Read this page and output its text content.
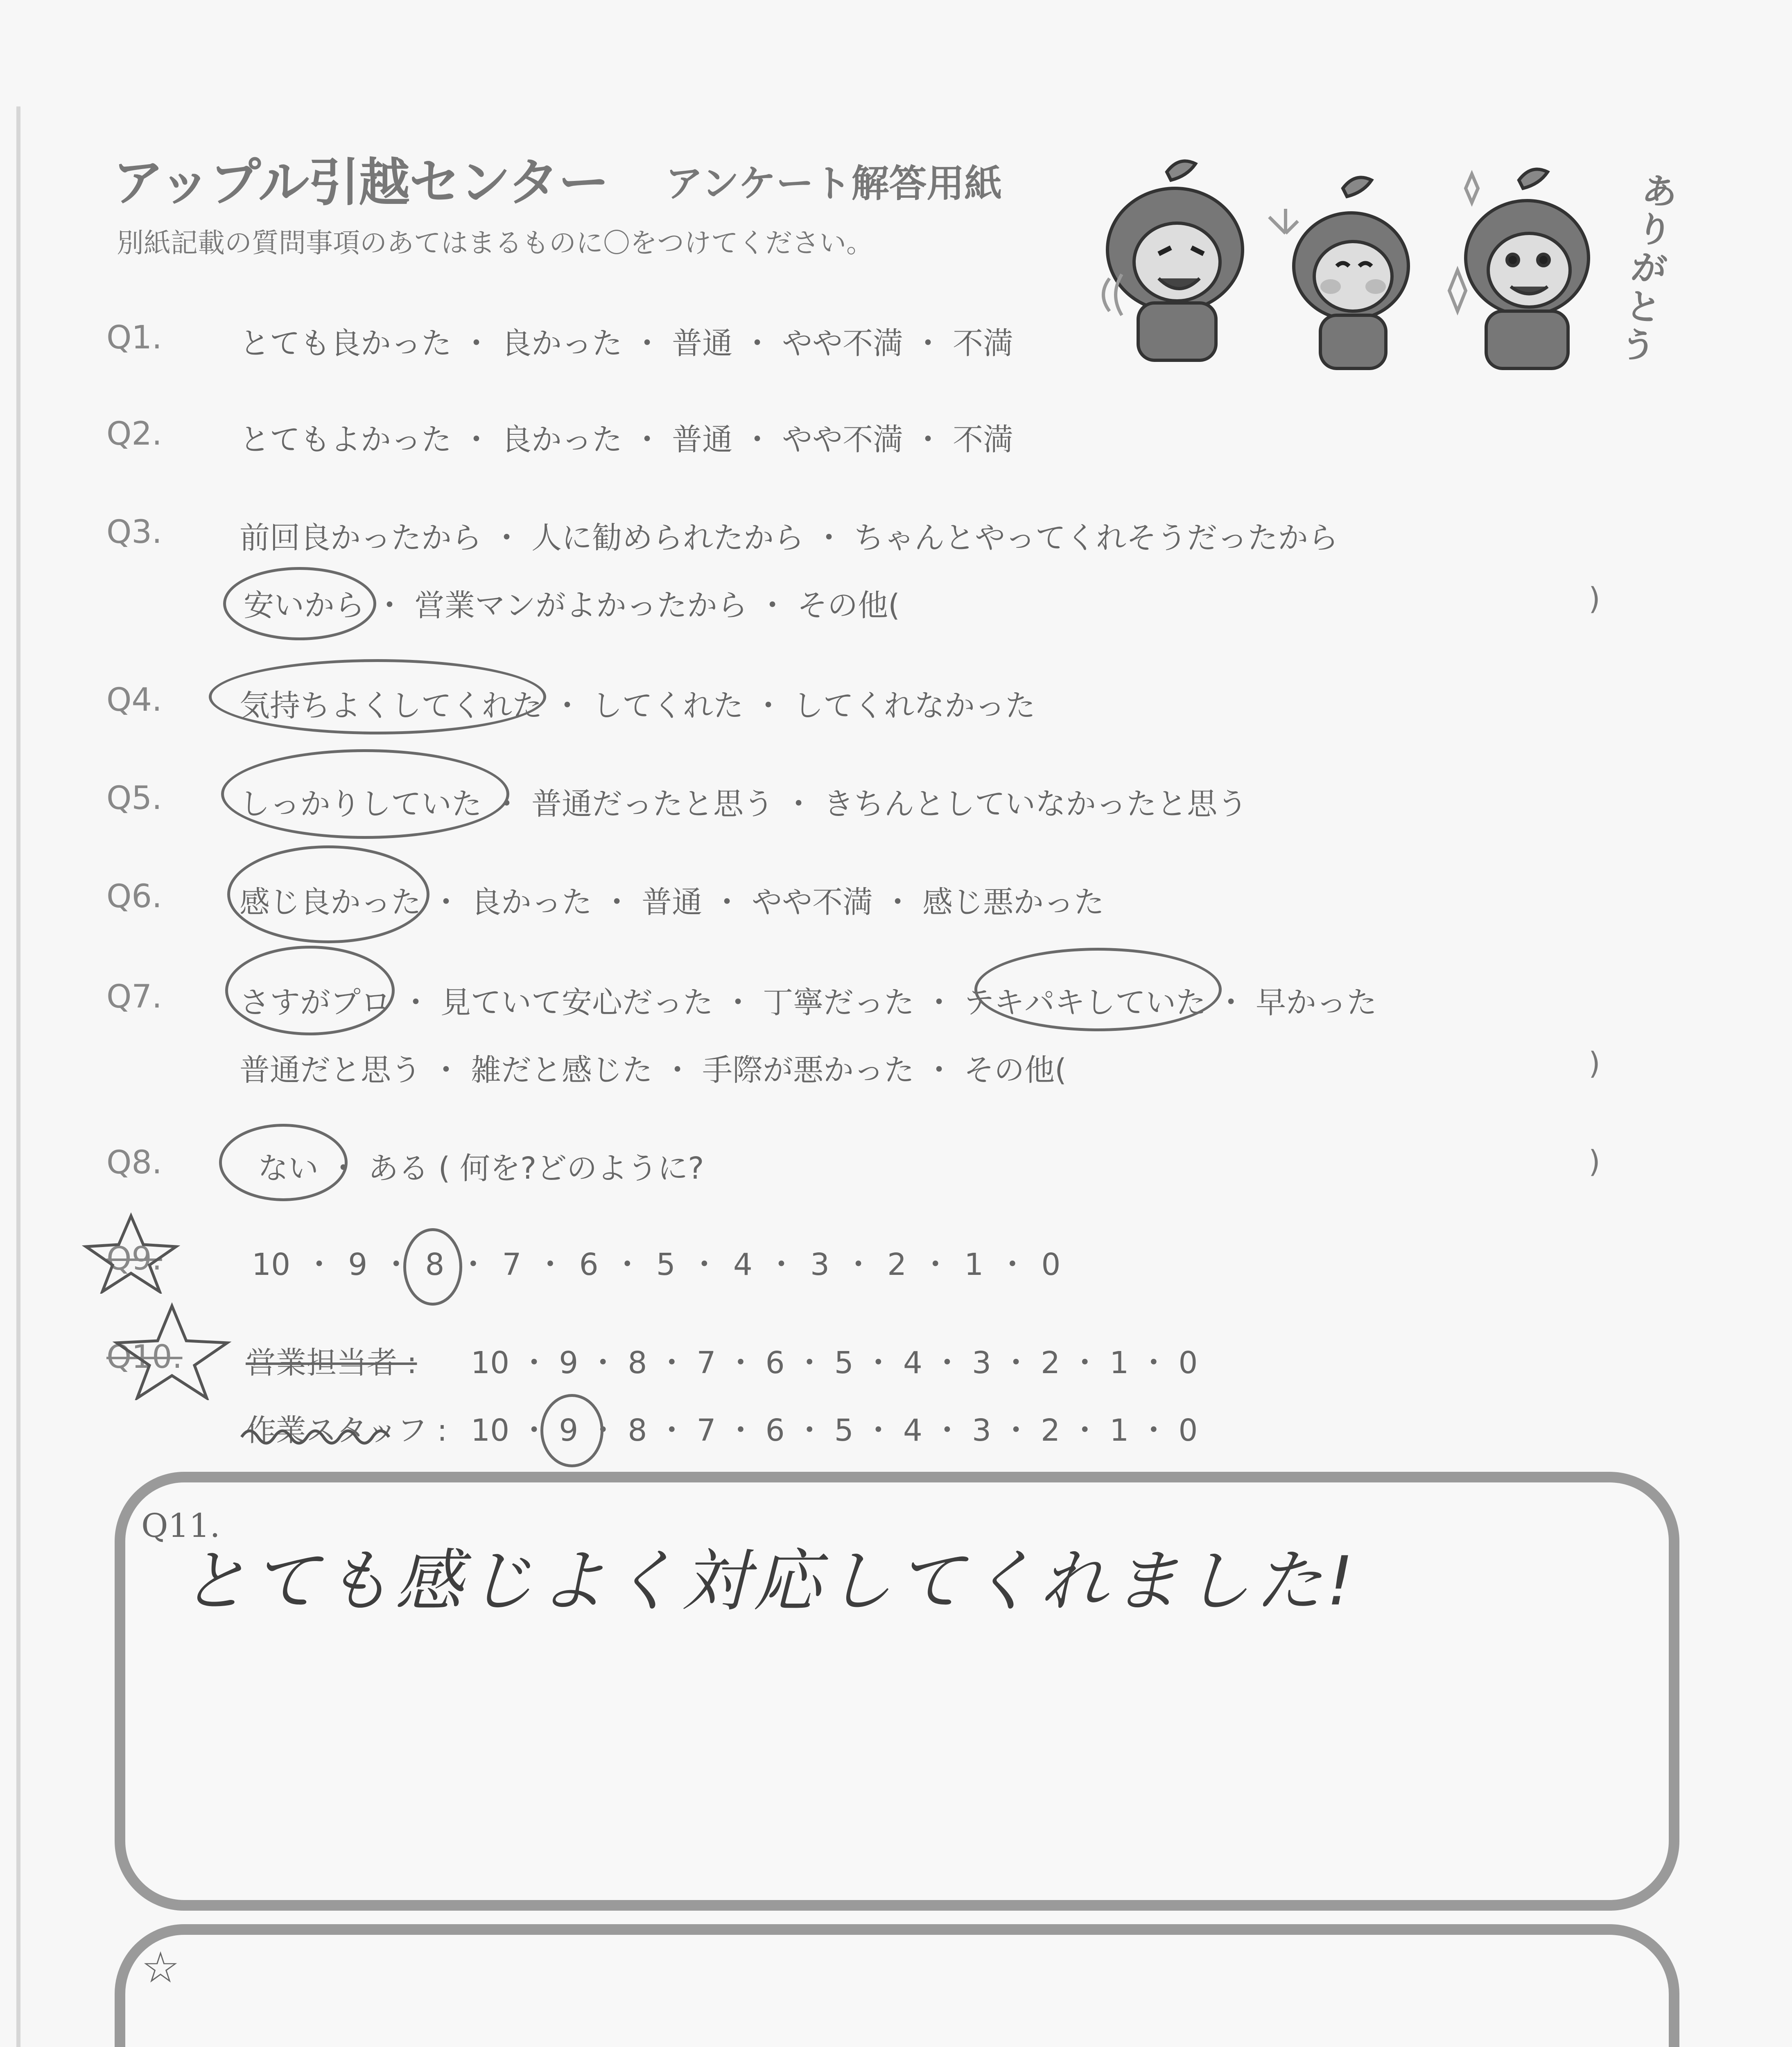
アップル引越センター アンケート解答用紙
別紙記載の質問事項のあてはまるものに〇をつけてください。
ありがとう
Q1.	とても良かった ・ 良かった ・ 普通 ・ やや不満 ・ 不満
Q2.	とてもよかった ・ 良かった ・ 普通 ・ やや不満 ・ 不満
Q3.	前回良かったから ・ 人に勧められたから ・ ちゃんとやってくれそうだったから
安いから ・ 営業マンがよかったから ・ その他(	)
Q4.	気持ちよくしてくれた ・ してくれた ・ してくれなかった
Q5.	しっかりしていた ・ 普通だったと思う ・ きちんとしていなかったと思う
Q6.	感じ良かった ・ 良かった ・ 普通 ・ やや不満 ・ 感じ悪かった
Q7.	さすがプロ ・ 見ていて安心だった ・ 丁寧だった ・ テキパキしていた ・ 早かった
普通だと思う ・ 雑だと感じた ・ 手際が悪かった ・ その他(	)
Q8.	ない ・ ある ( 何を?どのように?	)
Q9.	10 ・ 9 ・ 8 ・ 7 ・ 6 ・ 5 ・ 4 ・ 3 ・ 2 ・ 1 ・ 0
Q10. 営業担当者 : 10 ・ 9 ・ 8 ・ 7 ・ 6 ・ 5 ・ 4 ・ 3 ・ 2 ・ 1 ・ 0
作業スタッフ : 10 ・ 9 ・ 8 ・ 7 ・ 6 ・ 5 ・ 4 ・ 3 ・ 2 ・ 1 ・ 0
Q11.
とても感じよく対応してくれました!
☆
